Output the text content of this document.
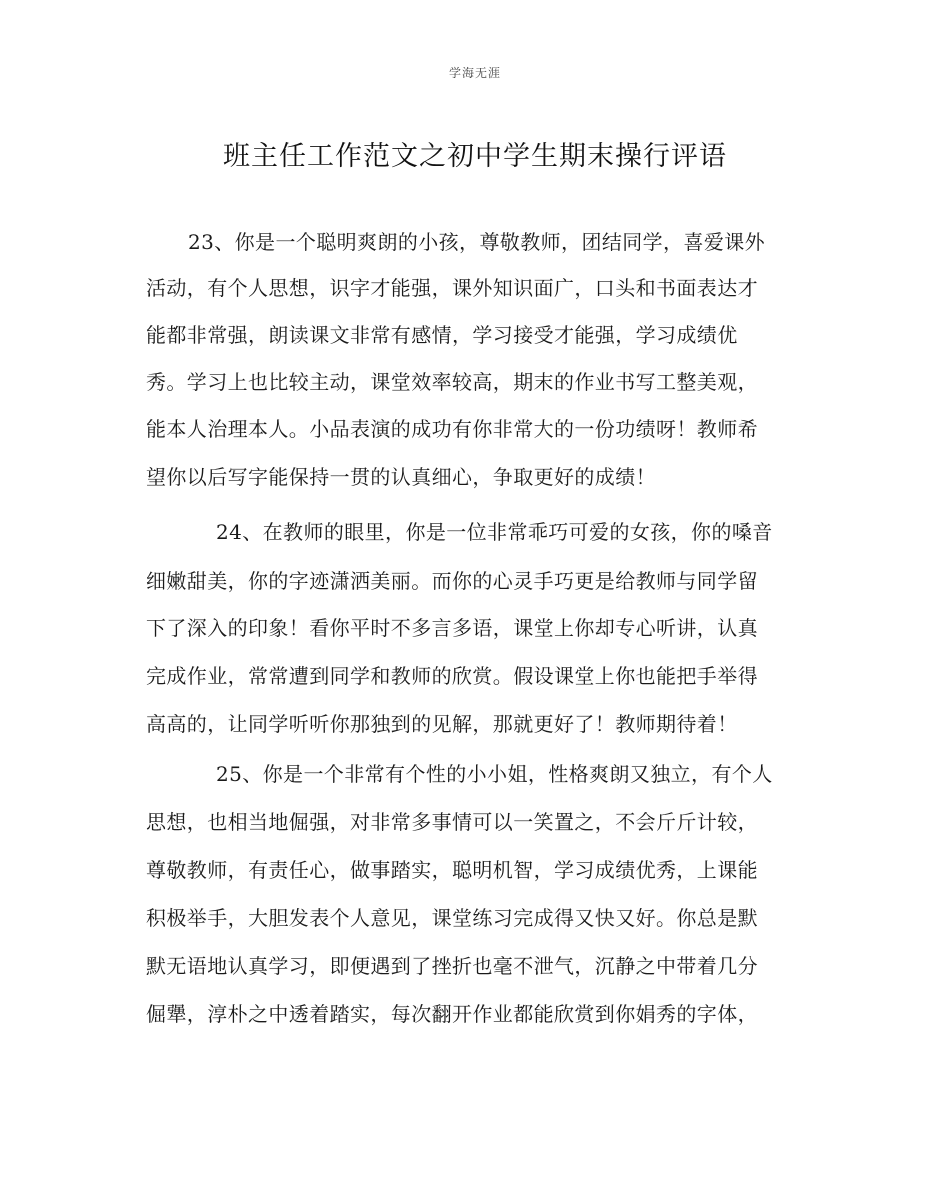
学海无涯
班主任工作范文之初中学生期末操行评语
23、你是一个聪明爽朗的小孩，尊敬教师，团结同学，喜爱课外
活动，有个人思想，识字才能强，课外知识面广，口头和书面表达才
能都非常强，朗读课文非常有感情，学习接受才能强，学习成绩优
秀。学习上也比较主动，课堂效率较高，期末的作业书写工整美观，
能本人治理本人。小品表演的成功有你非常大的一份功绩呀！教师希
望你以后写字能保持一贯的认真细心，争取更好的成绩！
24、在教师的眼里，你是一位非常乖巧可爱的女孩，你的嗓音
细嫩甜美，你的字迹潇洒美丽。而你的心灵手巧更是给教师与同学留
下了深入的印象！看你平时不多言多语，课堂上你却专心听讲，认真
完成作业，常常遭到同学和教师的欣赏。假设课堂上你也能把手举得
高高的，让同学听听你那独到的见解，那就更好了！教师期待着！
25、你是一个非常有个性的小小姐，性格爽朗又独立，有个人
思想，也相当地倔强，对非常多事情可以一笑置之，不会斤斤计较，
尊敬教师，有责任心，做事踏实，聪明机智，学习成绩优秀，上课能
积极举手，大胆发表个人意见，课堂练习完成得又快又好。你总是默
默无语地认真学习，即便遇到了挫折也毫不泄气，沉静之中带着几分
倔犟，淳朴之中透着踏实，每次翻开作业都能欣赏到你娟秀的字体，
